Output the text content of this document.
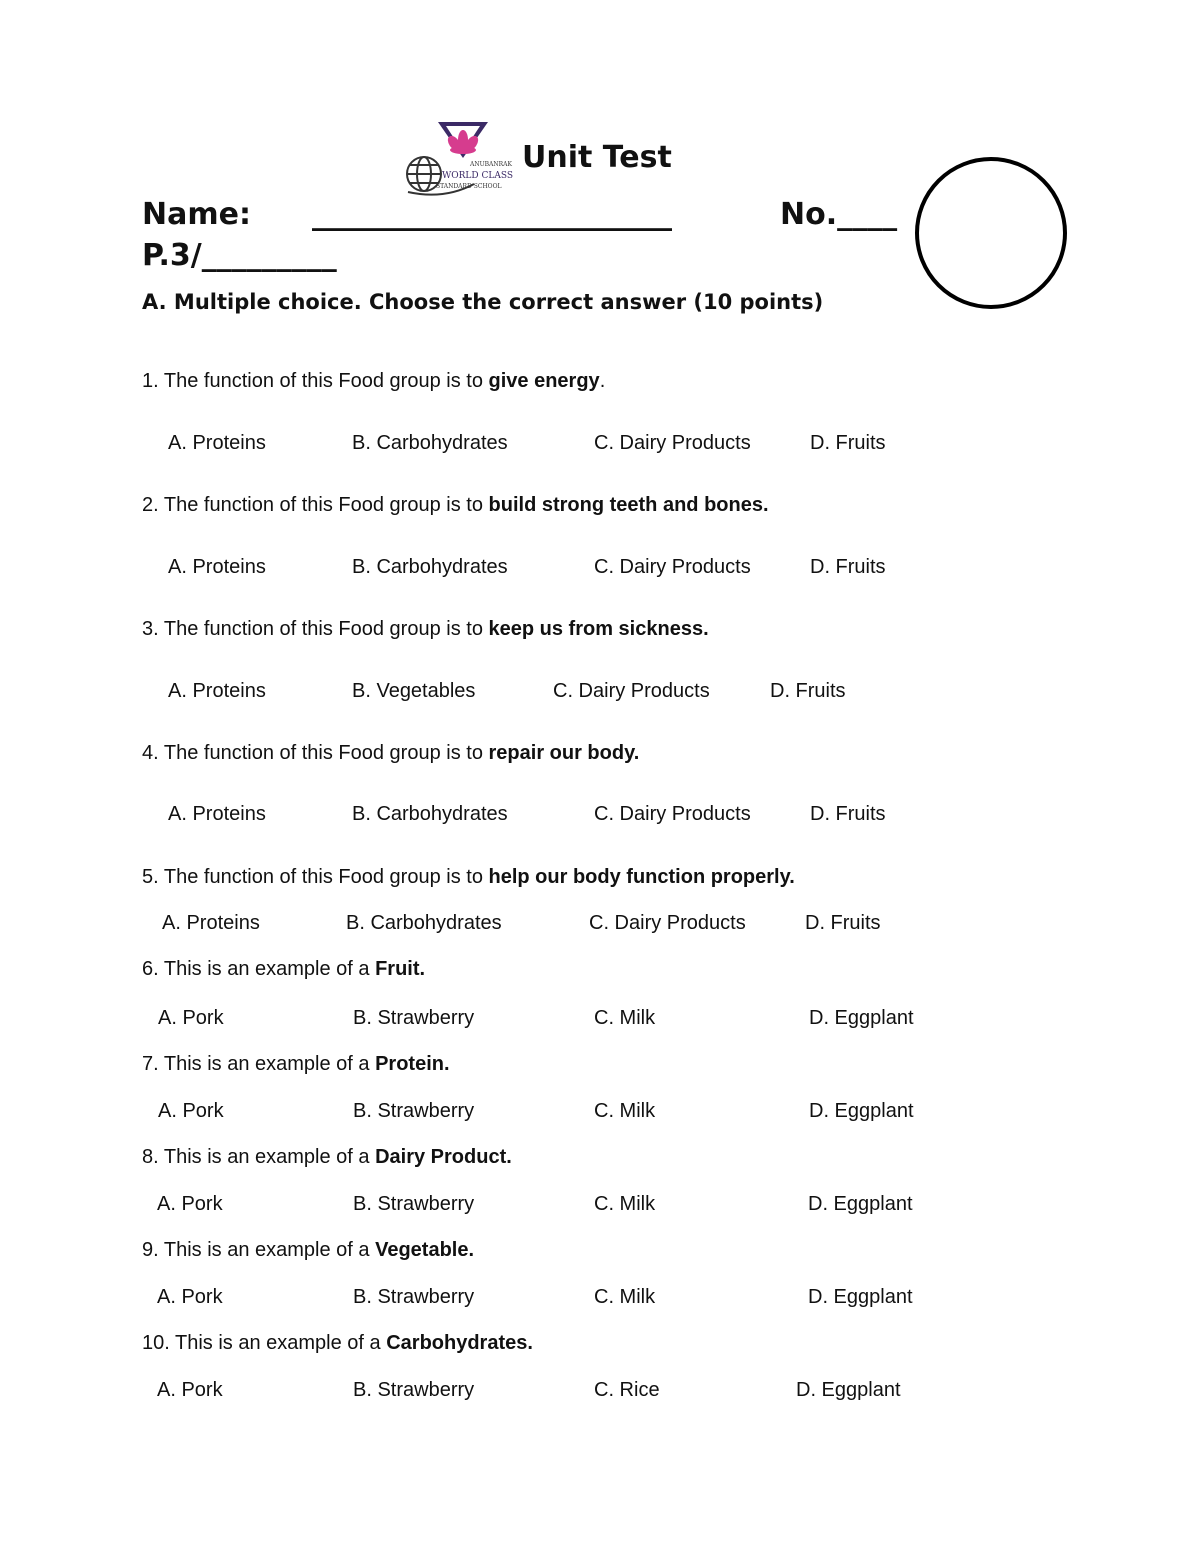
ANUBANRAK
WORLD CLASS
STANDARD SCHOOL
Unit Test
Name: ________________________	No.____
P.3/_________
A. Multiple choice. Choose the correct answer (10 points)
1. The function of this Food group is to give energy.
A. Proteins	B. Carbohydrates	C. Dairy Products	D. Fruits
2. The function of this Food group is to build strong teeth and bones.
A. Proteins	B. Carbohydrates	C. Dairy Products	D. Fruits
3. The function of this Food group is to keep us from sickness.
A. Proteins	B. Vegetables	C. Dairy Products	D. Fruits
4. The function of this Food group is to repair our body.
A. Proteins	B. Carbohydrates	C. Dairy Products	D. Fruits
5. The function of this Food group is to help our body function properly.
A. Proteins	B. Carbohydrates	C. Dairy Products	D. Fruits
6. This is an example of a Fruit.
A. Pork	B. Strawberry	C. Milk	D. Eggplant
7. This is an example of a Protein.
A. Pork	B. Strawberry	C. Milk	D. Eggplant
8. This is an example of a Dairy Product.
A. Pork	B. Strawberry	C. Milk	D. Eggplant
9. This is an example of a Vegetable.
A. Pork	B. Strawberry	C. Milk	D. Eggplant
10. This is an example of a Carbohydrates.
A. Pork	B. Strawberry	C. Rice	D. Eggplant
